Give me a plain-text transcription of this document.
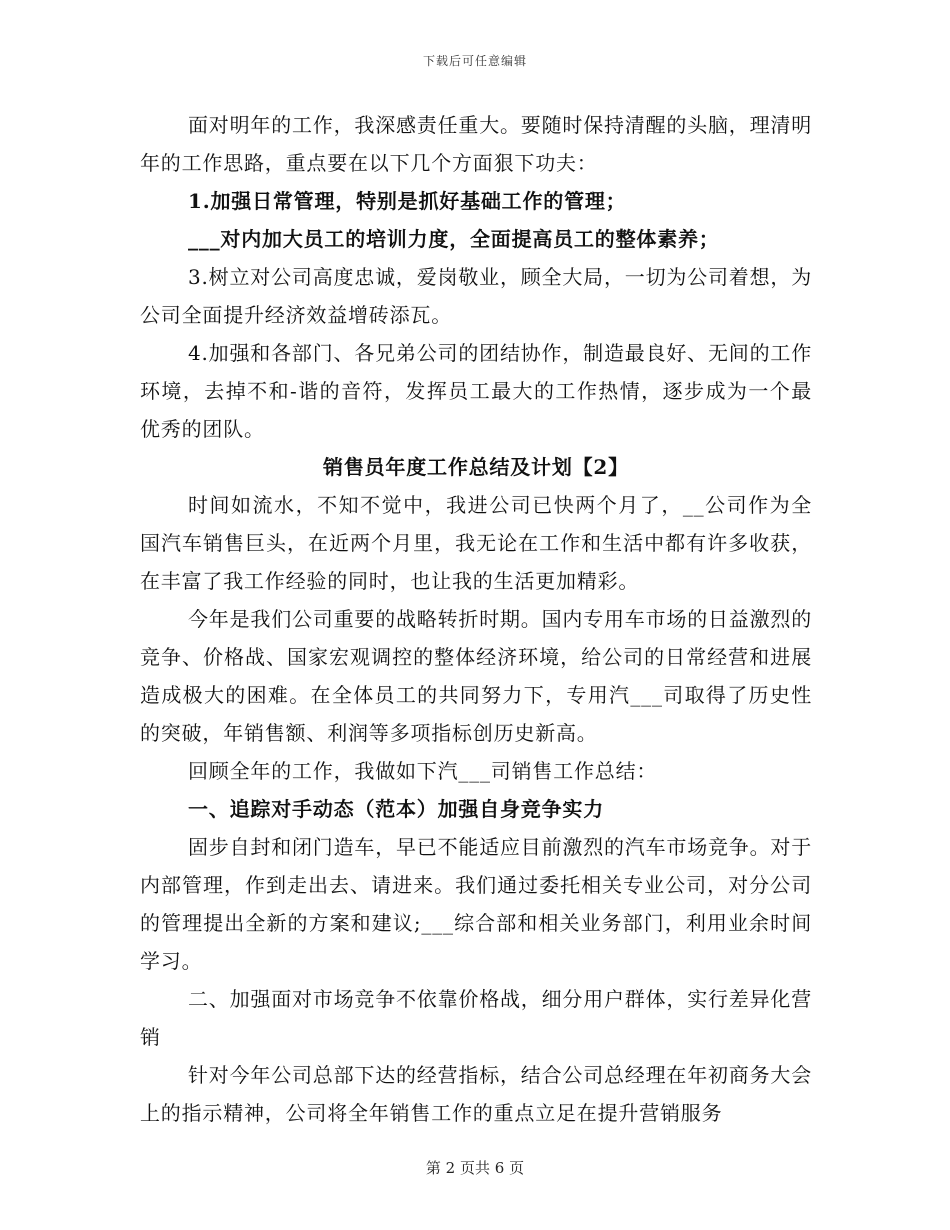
下载后可任意编辑

面对明年的工作，我深感责任重大。要随时保持清醒的头脑，理清明年的工作思路，重点要在以下几个方面狠下功夫：

1.加强日常管理，特别是抓好基础工作的管理；

___对内加大员工的培训力度，全面提高员工的整体素养；

3.树立对公司高度忠诚，爱岗敬业，顾全大局，一切为公司着想，为公司全面提升经济效益增砖添瓦。

4.加强和各部门、各兄弟公司的团结协作，制造最良好、无间的工作环境，去掉不和-谐的音符，发挥员工最大的工作热情，逐步成为一个最优秀的团队。

销售员年度工作总结及计划【2】

时间如流水，不知不觉中，我进公司已快两个月了，__公司作为全国汽车销售巨头，在近两个月里，我无论在工作和生活中都有许多收获，在丰富了我工作经验的同时，也让我的生活更加精彩。

今年是我们公司重要的战略转折时期。国内专用车市场的日益激烈的竞争、价格战、国家宏观调控的整体经济环境，给公司的日常经营和进展造成极大的困难。在全体员工的共同努力下，专用汽___司取得了历史性的突破，年销售额、利润等多项指标创历史新高。

回顾全年的工作，我做如下汽___司销售工作总结：

一、追踪对手动态（范本）加强自身竞争实力

固步自封和闭门造车，早已不能适应目前激烈的汽车市场竞争。对于内部管理，作到走出去、请进来。我们通过委托相关专业公司，对分公司的管理提出全新的方案和建议;___综合部和相关业务部门，利用业余时间学习。

二、加强面对市场竞争不依靠价格战，细分用户群体，实行差异化营销

针对今年公司总部下达的经营指标，结合公司总经理在年初商务大会上的指示精神，公司将全年销售工作的重点立足在提升营销服务

第 2 页共 6 页
